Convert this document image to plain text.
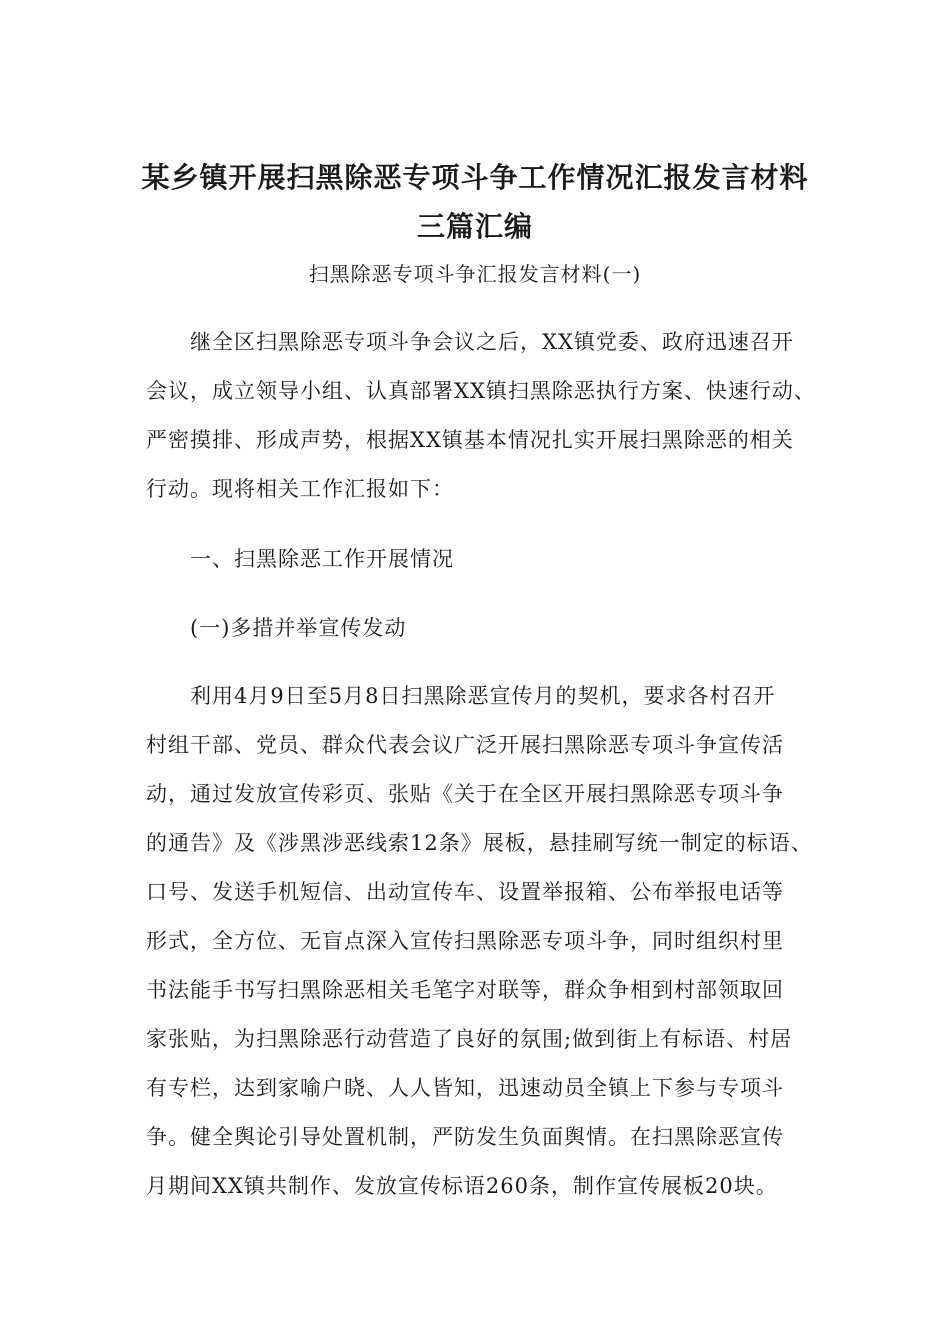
某乡镇开展扫黑除恶专项斗争工作情况汇报发言材料
三篇汇编

扫黑除恶专项斗争汇报发言材料(一)

继全区扫黑除恶专项斗争会议之后，XX镇党委、政府迅速召开
会议，成立领导小组、认真部署XX镇扫黑除恶执行方案、快速行动、
严密摸排、形成声势，根据XX镇基本情况扎实开展扫黑除恶的相关
行动。现将相关工作汇报如下：

一、扫黑除恶工作开展情况

(一)多措并举宣传发动

利用4月9日至5月8日扫黑除恶宣传月的契机，要求各村召开
村组干部、党员、群众代表会议广泛开展扫黑除恶专项斗争宣传活
动，通过发放宣传彩页、张贴《关于在全区开展扫黑除恶专项斗争
的通告》及《涉黑涉恶线索12条》展板，悬挂刷写统一制定的标语、
口号、发送手机短信、出动宣传车、设置举报箱、公布举报电话等
形式，全方位、无盲点深入宣传扫黑除恶专项斗争，同时组织村里
书法能手书写扫黑除恶相关毛笔字对联等，群众争相到村部领取回
家张贴，为扫黑除恶行动营造了良好的氛围;做到街上有标语、村居
有专栏，达到家喻户晓、人人皆知，迅速动员全镇上下参与专项斗
争。健全舆论引导处置机制，严防发生负面舆情。在扫黑除恶宣传
月期间XX镇共制作、发放宣传标语260条，制作宣传展板20块。
